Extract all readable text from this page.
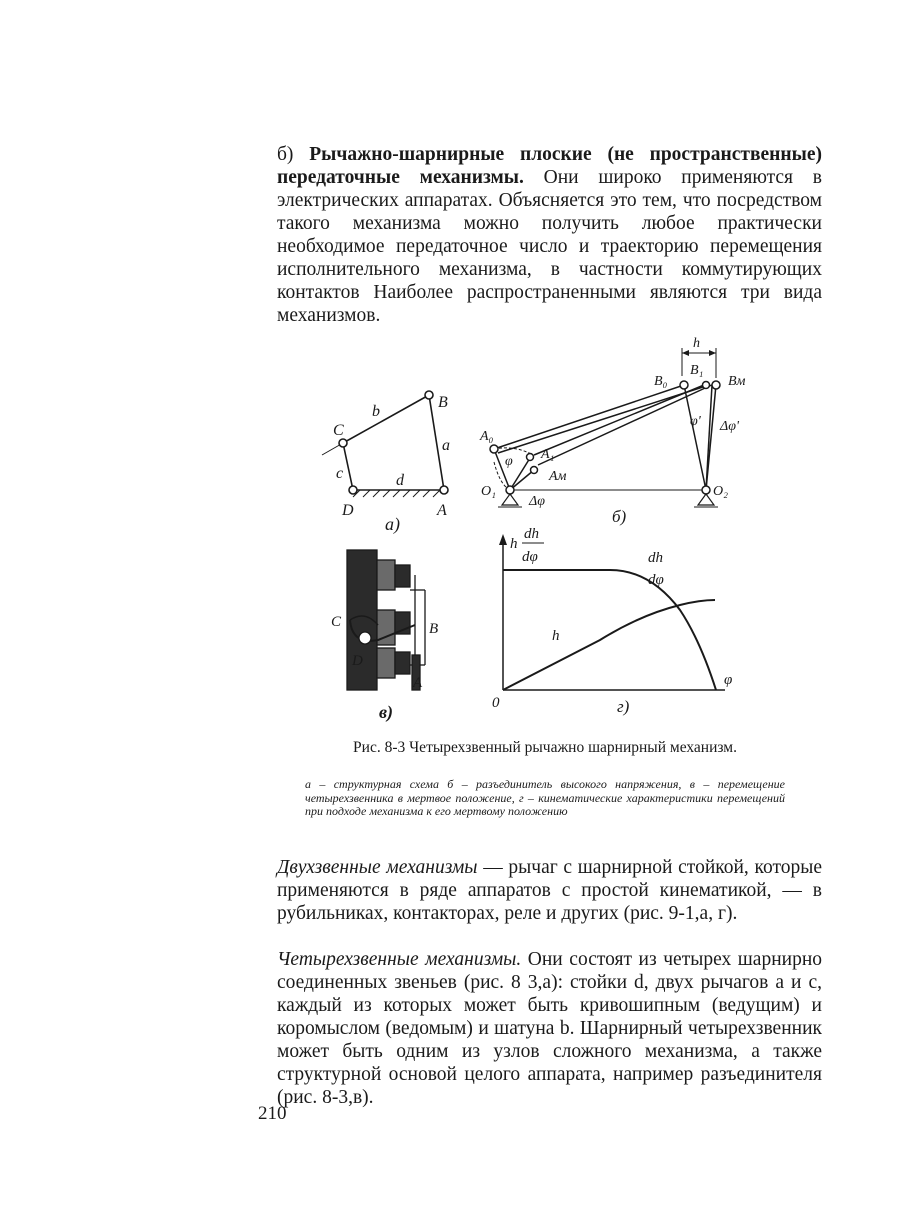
б) Рычажно-шарнирные плоские (не пространственные) передаточные механизмы. Они широко применяются в электрических аппаратах. Объясняется это тем, что посредством такого механизма можно получить любое практически необходимое передаточное число и траекторию перемещения исполнительного механизма, в частности коммутирующих контактов Наиболее распространенными являются три вида механизмов.

b
B
C
a
c	d
D	A
а)
h
B₀
B₁
Bм
A₀
φ' Δφ'
φ A₁
Aм
O₁
Δφ
O₂
б)
C	B
D
A
в)
h
dh
dφ	dh
dφ
h
φ
0	г)
Рис. 8-3 Четырехзвенный рычажно шарнирный механизм.
а – структурная схема б – разъединитель высокого напряжения, в – перемещение четырехзвенника в мертвое положение, г – кинематические характеристики перемещений при подходе механизма к его мертвому положению

Двухзвенные механизмы — рычаг с шарнирной стойкой, которые применяются в ряде аппаратов с простой кинематикой, — в рубильниках, контакторах, реле и других (рис. 9-1,а, г).

Четырехзвенные механизмы. Они состоят из четырех шарнирно соединенных звеньев (рис. 8 3,а): стойки d, двух рычагов a и c, каждый из которых может быть кривошипным (ведущим) и коромыслом (ведомым) и шатуна b. Шарнирный четырехзвенник может быть одним из узлов сложного механизма, а также структурной основой целого аппарата, например разъединителя (рис. 8-3,в).

210
